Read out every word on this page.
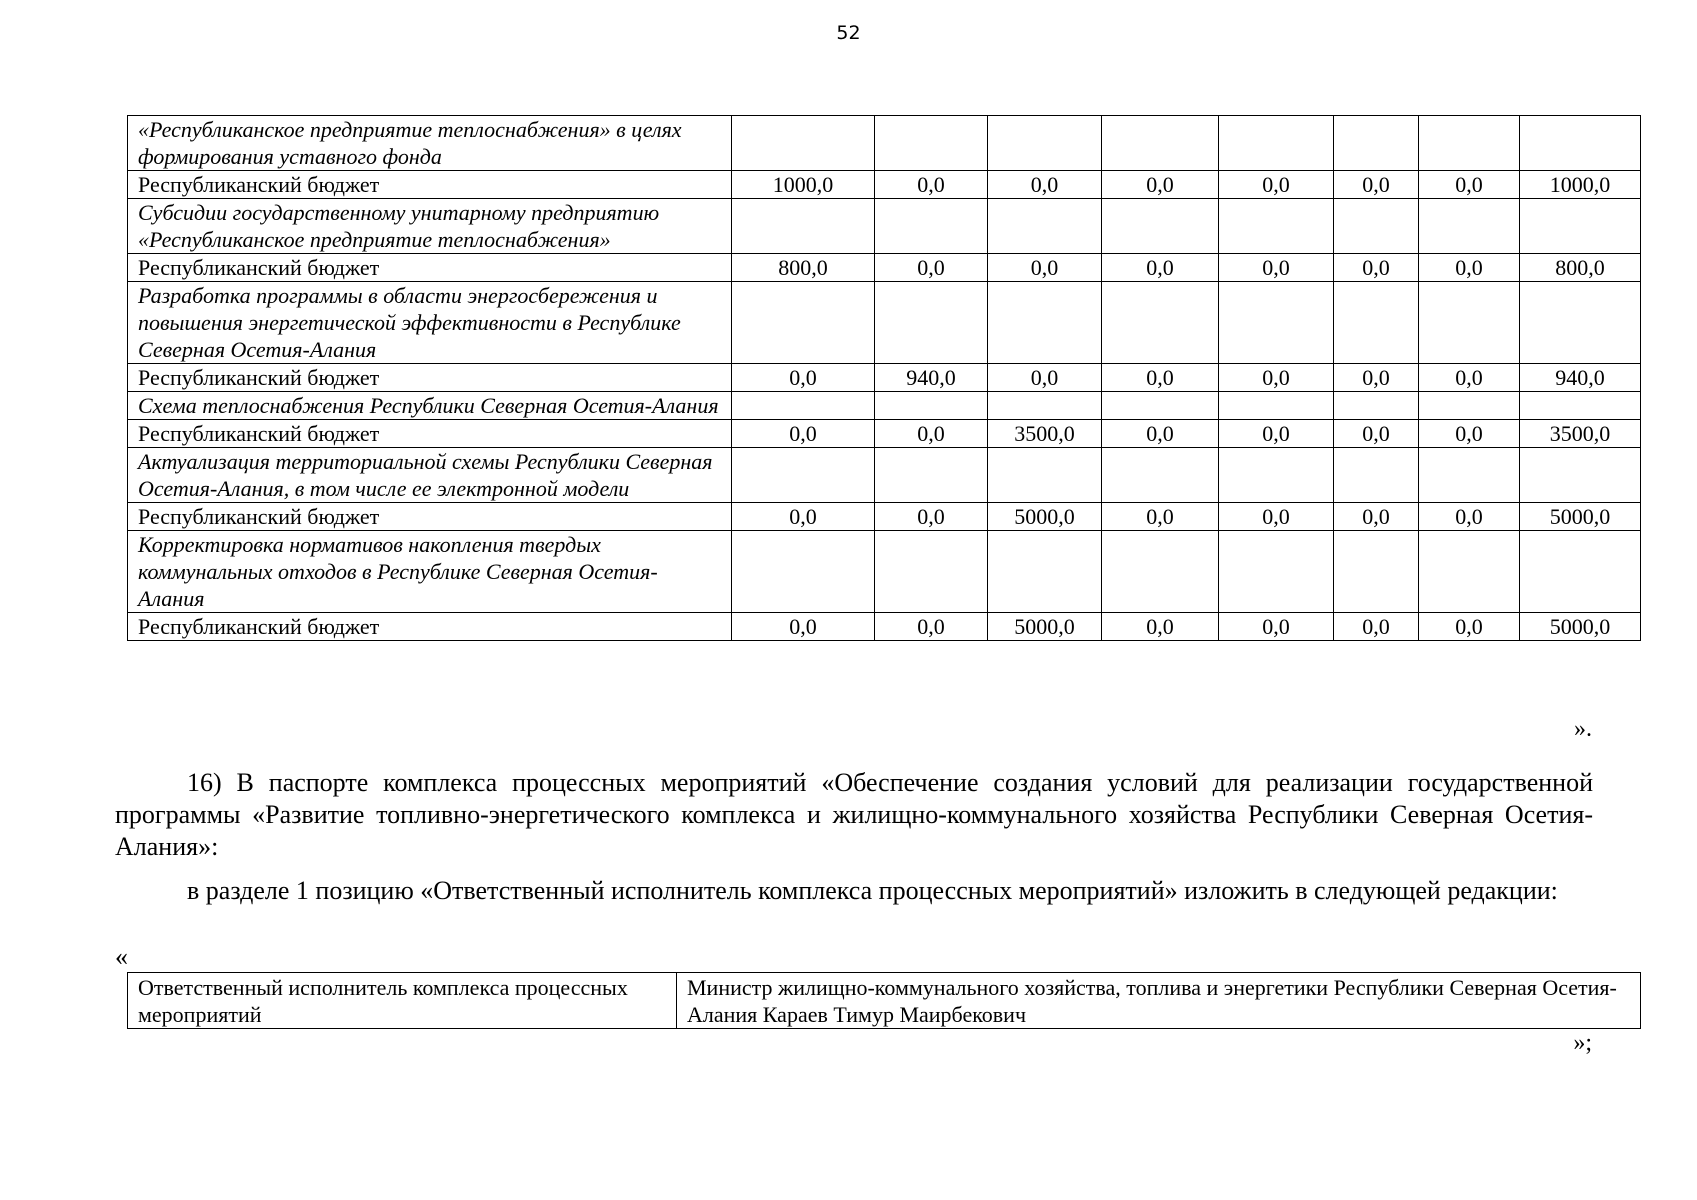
52
«Республиканское предприятие теплоснабжения» в целях формирования уставного фонда								
Республиканский бюджет	1000,0	0,0	0,0	0,0	0,0	0,0	0,0	1000,0
Субсидии государственному унитарному предприятию «Республиканское предприятие теплоснабжения»								
Республиканский бюджет	800,0	0,0	0,0	0,0	0,0	0,0	0,0	800,0
Разработка программы в области энергосбережения и повышения энергетической эффективности в Республике Северная Осетия-Алания								
Республиканский бюджет	0,0	940,0	0,0	0,0	0,0	0,0	0,0	940,0
Схема теплоснабжения Республики Северная Осетия-Алания								
Республиканский бюджет	0,0	0,0	3500,0	0,0	0,0	0,0	0,0	3500,0
Актуализация территориальной схемы Республики Северная Осетия-Алания, в том числе ее электронной модели								
Республиканский бюджет	0,0	0,0	5000,0	0,0	0,0	0,0	0,0	5000,0
Корректировка нормативов накопления твердых коммунальных отходов в Республике Северная Осетия-Алания								
Республиканский бюджет	0,0	0,0	5000,0	0,0	0,0	0,0	0,0	5000,0
».
16) В паспорте комплекса процессных мероприятий «Обеспечение создания условий для реализации государственной программы «Развитие топливно-энергетического комплекса и жилищно-коммунального хозяйства Республики Северная Осетия-Алания»:
в разделе 1 позицию «Ответственный исполнитель комплекса процессных мероприятий» изложить в следующей редакции:
«
Ответственный исполнитель комплекса процессных мероприятий	Министр жилищно-коммунального хозяйства, топлива и энергетики Республики Северная Осетия-Алания Караев Тимур Маирбекович
»;
